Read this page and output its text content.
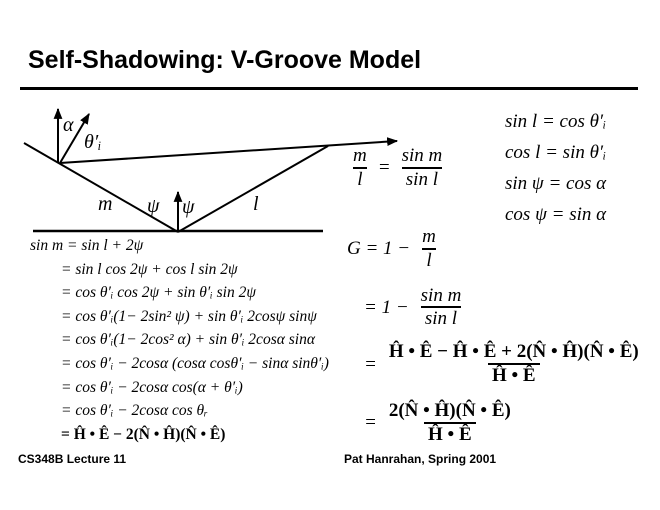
Self-Shadowing: V-Groove Model
α
θ′ᵢ
m ψ ψ	l
$\frac{m}{l} = \frac{\text{sin m}}{\text{sin l}}$
sin l = cos θ′ᵢ
cos l = sin θ′ᵢ
sin ψ = cos α
cos ψ = sin α
sin m = sin l + 2ψ
= sin l cos 2ψ + cos l sin 2ψ
= cos θ′ᵢ cos 2ψ + sin θ′ᵢ sin 2ψ
= cos θ′ᵢ(1− 2sin² ψ) + sin θ′ᵢ 2cosψ sinψ
= cos θ′ᵢ(1− 2cos² α) + sin θ′ᵢ 2cosα sinα
= cos θ′ᵢ − 2cosα (cosα cosθ′ᵢ − sinα sinθ′ᵢ)
= cos θ′ᵢ − 2cosα cos(α + θ′ᵢ)
= cos θ′ᵢ − 2cosα cos θᵣ
= Ĥ • Ê − 2(N̂ • Ĥ)(N̂ • Ê)
$G = 1 - \frac{m}{l}$
= $1 - \frac{\text{sin m}}{\text{sin l}}$
= $\frac{Ĥ • Ê - Ĥ • Ê + 2(N̂ • Ĥ)(N̂ • Ê)}{Ĥ • Ê}$
= $\frac{2(N̂ • Ĥ)(N̂ • Ê)}{Ĥ • Ê}$
CS348B Lecture 11	Pat Hanrahan, Spring 2001
